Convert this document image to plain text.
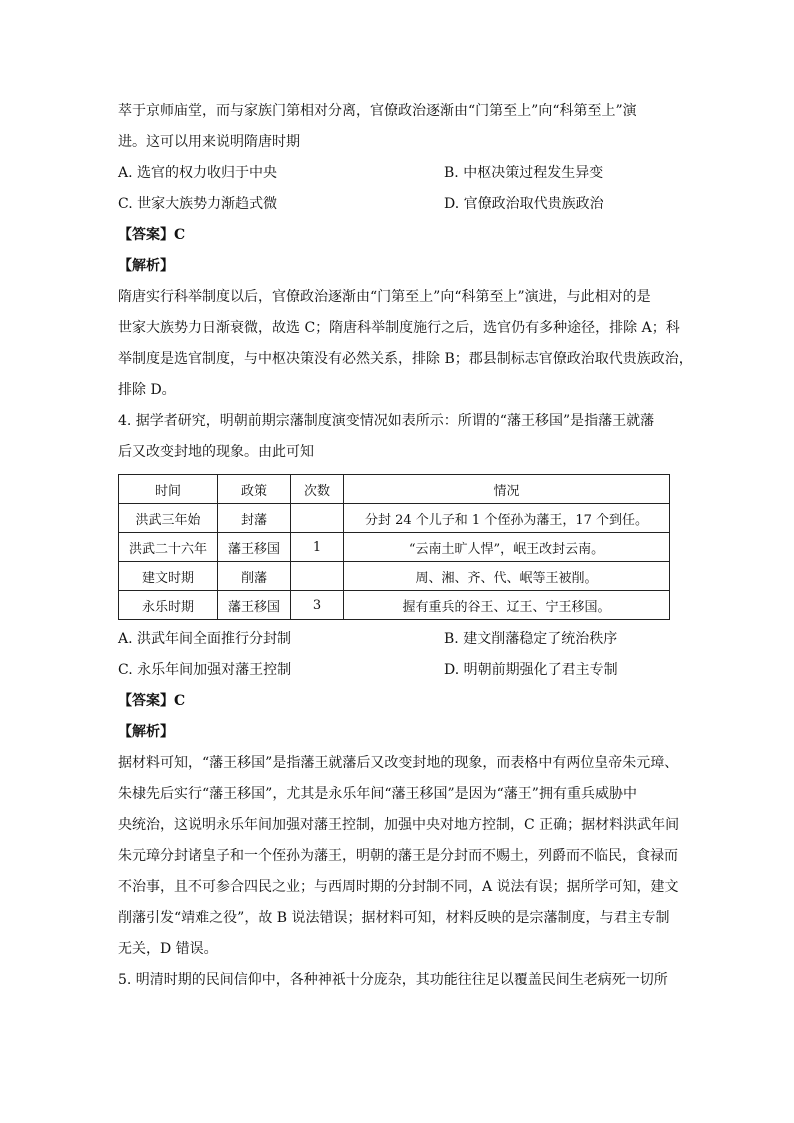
萃于京师庙堂，而与家族门第相对分离，官僚政治逐渐由“门第至上”向“科第至上”演
进。这可以用来说明隋唐时期
A. 选官的权力收归于中央	B. 中枢决策过程发生异变
C. 世家大族势力渐趋式微	D. 官僚政治取代贵族政治
【答案】C
【解析】
隋唐实行科举制度以后，官僚政治逐渐由“门第至上”向“科第至上”演进，与此相对的是
世家大族势力日渐衰微，故选 C；隋唐科举制度施行之后，选官仍有多种途径，排除 A；科
举制度是选官制度，与中枢决策没有必然关系，排除 B；郡县制标志官僚政治取代贵族政治，
排除 D。
4. 据学者研究，明朝前期宗藩制度演变情况如表所示：所谓的“藩王移国”是指藩王就藩
后又改变封地的现象。由此可知
时间	政策	次数	情况
洪武三年始	封藩		分封 24 个儿子和 1 个侄孙为藩王，17 个到任。
洪武二十六年	藩王移国	1	“云南土旷人悍”，岷王改封云南。
建文时期	削藩		周、湘、齐、代、岷等王被削。
永乐时期	藩王移国	3	握有重兵的谷王、辽王、宁王移国。
A. 洪武年间全面推行分封制	B. 建文削藩稳定了统治秩序
C. 永乐年间加强对藩王控制	D. 明朝前期强化了君主专制
【答案】C
【解析】
据材料可知，“藩王移国”是指藩王就藩后又改变封地的现象，而表格中有两位皇帝朱元璋、
朱棣先后实行“藩王移国”，尤其是永乐年间“藩王移国”是因为“藩王”拥有重兵威胁中
央统治，这说明永乐年间加强对藩王控制，加强中央对地方控制，C 正确；据材料洪武年间
朱元璋分封诸皇子和一个侄孙为藩王，明朝的藩王是分封而不赐土，列爵而不临民，食禄而
不治事，且不可参合四民之业；与西周时期的分封制不同，A 说法有误；据所学可知，建文
削藩引发“靖难之役”，故 B 说法错误；据材料可知，材料反映的是宗藩制度，与君主专制
无关，D 错误。
5. 明清时期的民间信仰中，各种神祇十分庞杂，其功能往往足以覆盖民间生老病死一切所
